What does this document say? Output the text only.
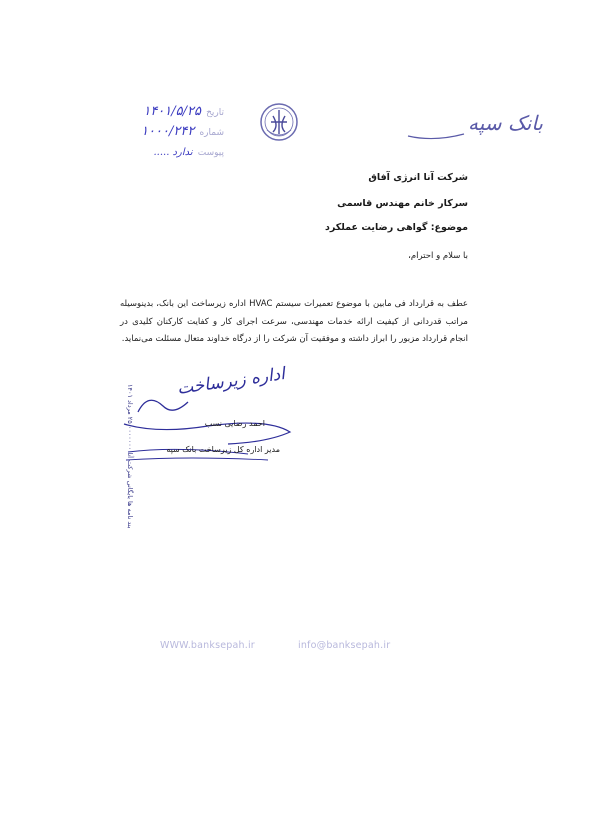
بانک سپه
تاریخ ۱۴۰۱/۵/۲۵
شماره ۱۰۰۰/۲۴۲
پیوست ندارد .....
شرکت آنا انرژی آفاق
سرکار خانم مهندس قاسمی
موضوع: گواهی رضایت عملکرد
با سلام و احترام،
عطف به قرارداد فی مابین با موضوع تعمیرات سیستم HVAC اداره زیرساخت این بانک، بدینوسیله مراتب قدردانی از کیفیت ارائه خدمات مهندسی، سرعت اجرای کار و کفایت کارکنان کلیدی در انجام قرارداد مزبور را ابراز داشته و موفقیت آن شرکت را از درگاه خداوند متعال مسئلت می‌نماید.
اداره زیرساخت
احمد رضایی نسب
مدیر اداره کل زیرساخت بانک سپه
بند نامه ها بایگانی شرکت آنا ۰۰۰۰۰۰۰ ۲۵ مرداد ۱۴۰۱
WWW.banksepah.ir	info@banksepah.ir
